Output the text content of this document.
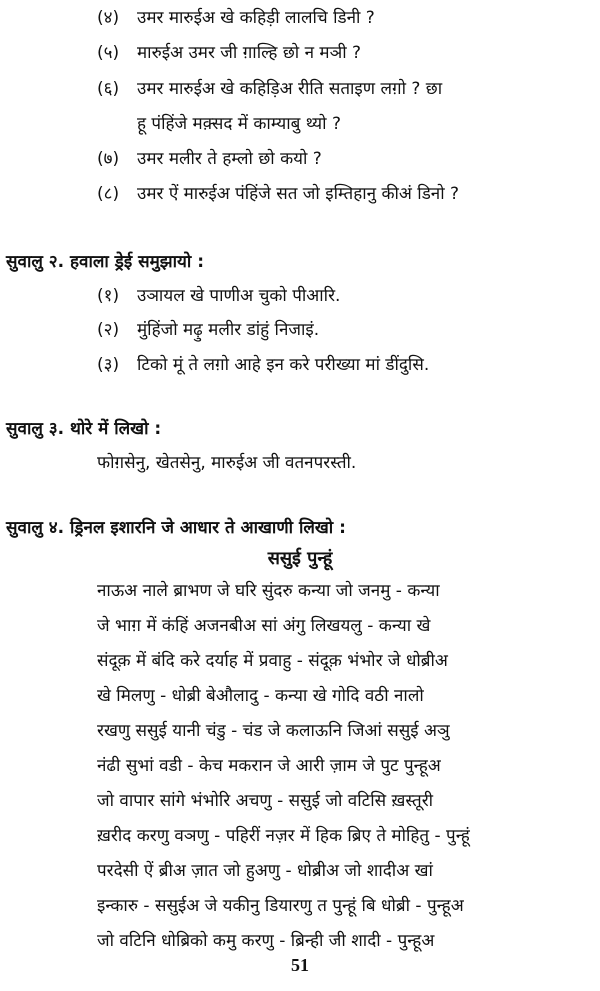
(४) उमर मारुईअ खे कहिड़ी लालचि डिनी ?
(५) मारुईअ उमर जी ग़ाल्हि छो न मञी ?
(६) उमर मारुईअ खे कहिड़िअ रीति सताइण लग़ो ? छा
हू पंहिंजे मक़्सद में काम्याबु थ्यो ?
(७) उमर मलीर ते हम्लो छो कयो ?
(८) उमर ऐं मारुईअ पंहिंजे सत जो इम्तिहानु कीअं डिनो ?
सुवालु २. हवाला ड्रेई समुझायो :
(१) उञायल खे पाणीअ चुको पीआरि.
(२) मुंहिंजो मढ़ु मलीर डांहुं निजाइं.
(३) टिको मूं ते लग़ो आहे इन करे परीख्या मां डींदुसि.
सुवालु ३. थोरे में लिखो :
फोग़सेनु, खेतसेनु, मारुईअ जी वतनपरस्ती.
सुवालु ४. ड्रिनल इशारनि जे आधार ते आखाणी लिखो :
ससुई पुन्हूं
नाऊअ नाले ब्राभण जे घरि सुंदरु कन्या जो जनमु - कन्या
जे भाग़ में कंहिं अजनबीअ सां अंगु लिखयलु - कन्या खे
संदूक़ में बंदि करे दर्याह में प्रवाहु - संदूक़ भंभोर जे धोब्रीअ
खे मिलणु - धोब्री बेऔलादु - कन्या खे गोदि वठी नालो
रखणु ससुई यानी चंडु - चंड जे कलाऊनि जिआं ससुई अञु
नंढी सुभां वडी - केच मकरान जे आरी ज़ाम जे पुट पुन्हूअ
जो वापार सांगे भंभोरि अचणु - ससुई जो वटिसि ख़स्तूरी
ख़रीद करणु वञणु - पहिरीं नज़र में हिक ब्रिए ते मोहितु - पुन्हूं
परदेसी ऐं ब्रीअ ज़ात जो हुअणु - धोब्रीअ जो शादीअ खां
इन्कारु - ससुईअ जे यकीनु डियारणु त पुन्हूं बि धोब्री - पुन्हूअ
जो वटिनि धोब्रिको कमु करणु - ब्रिन्ही जी शादी - पुन्हूअ
51
